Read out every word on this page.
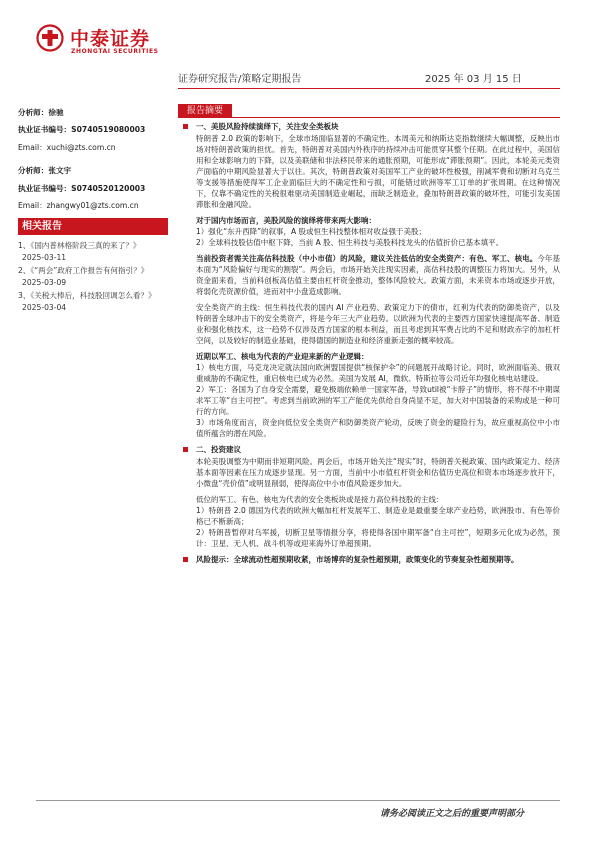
中泰证券
ZHONGTAI SECURITIES
证券研究报告/策略定期报告	2025 年 03 月 15 日
分析师：徐驰
执业证书编号：S0740519080003
Email：xuchi@zts.com.cn
分析师：张文宇
执业证书编号：S0740520120003
Email：zhangwy01@zts.com.cn
相关报告
1、《国内普林格阶段三真的来了？》
2025-03-11
2、《“两会”政府工作报告有何指引？》
2025-03-09
3、《关税大棒后，科技股回调怎么看？》
2025-03-04
报告摘要
一、美股风险持续演绎下，关注安全类板块

特朗普 2.0 政策的影响下，全球市场面临显著的不确定性。本周美元和纳斯达克指数继续大幅调整，反映出市场对特朗普政策的担忧。首先，特朗普对美国内外秩序的持续冲击可能贯穿其整个任期。在此过程中，美国信用和全球影响力的下降，以及美联储和非法移民带来的通胀预期，可能形成“滞胀预期”。因此，本轮美元类资产面临的中期风险显著大于以往。其次，特朗普政策对美国军工产业的破坏性极强，削减军费和切断对乌克兰等支援等措施使得军工企业面临巨大的不确定性和亏损，可能错过欧洲等军工订单的扩张周期。在这种情况下，仅靠不确定性的关税很难驱动美国制造业崛起，而缺乏制造业，叠加特朗普政策的破坏性，可能引发美国滞胀和金融风险。

对于国内市场而言，美股风险的演绎将带来两大影响：

1）强化“东升西降”的叙事，A 股或恒生科技整体相对收益强于美股；

2）全球科技股估值中枢下降，当前 A 股、恒生科技与美股科技龙头的估值折价已基本填平。

当前投资者需关注高估科技股（中小市值）的风险，建议关注低估的安全类资产：有色、军工、核电。今年基本面为“风险偏好与现实的割裂”。两会后，市场开始关注现实因素，高估科技股的调整压力将加大。另外，从资金面来看，当前科创板高估值主要由杠杆资金推动，整体风险较大。政策方面，未来资本市场或逐步开放，将弱化壳资源价值，进而对中小盘造成影响。

安全类资产的主线：恒生科技代表的国内 AI 产业趋势、政策定力下的债市，红利为代表的防御类资产，以及特朗普全球冲击下的安全类资产，将是今年三大产业趋势。以欧洲为代表的主要西方国家快速提高军备、制造业和强化核技术，这一趋势不仅涉及西方国家的根本利益，而且考虑到其军费占比的不足和财政赤字的加杠杆空间，以及较好的制造业基础，使得德国的制造业和经济重新走强的概率较高。

近期以军工、核电为代表的产业迎来新的产业逻辑：

1）核电方面，马克龙决定就法国向欧洲盟国提供“核保护伞”的问题展开战略讨论。同时，欧洲面临美、俄双重威胁的不确定性，重启核电已成为必然。美国为发展 AI，微软、特斯拉等公司近年均强化核电站建设。

2）军工：各国为了自身安全需要，避免极端依赖单一国家军备，导致util被“卡脖子”的情形，将不得不中期谋求军工等“自主可控”。考虑到当前欧洲的军工产能优先供给自身尚显不足，加大对中国装备的采购或是一种可行的方向。

3）市场角度而言，资金向低位安全类资产和防御类资产轮动，反映了资金的避险行为，故应重视高位中小市值所蕴含的潜在风险。

二、投资建议

本轮美股调整为中期而非短期风险。两会后，市场开始关注“现实”时，特朗普关税政策、国内政策定力、经济基本面等因素在压力成逐步显现。另一方面，当前中小市值杠杆资金和估值历史高位和资本市场逐步放开下，小微盘“壳价值”或明显削弱，使得高位中小市值风险逐步加大。

低位的军工、有色、核电为代表的安全类板块或是接力高位科技股的主线：

1）特朗普 2.0 德国为代表的欧洲大幅加杠杆发展军工、制造业是最重要全球产业趋势，欧洲股市、有色等价格已不断新高；

2）特朗普暂停对乌军援，切断卫星等情报分享，将使得各国中期军备“自主可控”，短期多元化成为必然，预计：卫星、无人机、战斗机等或迎来海外订单超预期。

风险提示：全球流动性超预期收紧，市场博弈的复杂性超预期，政策变化的节奏复杂性超预期等。
请务必阅读正文之后的重要声明部分
